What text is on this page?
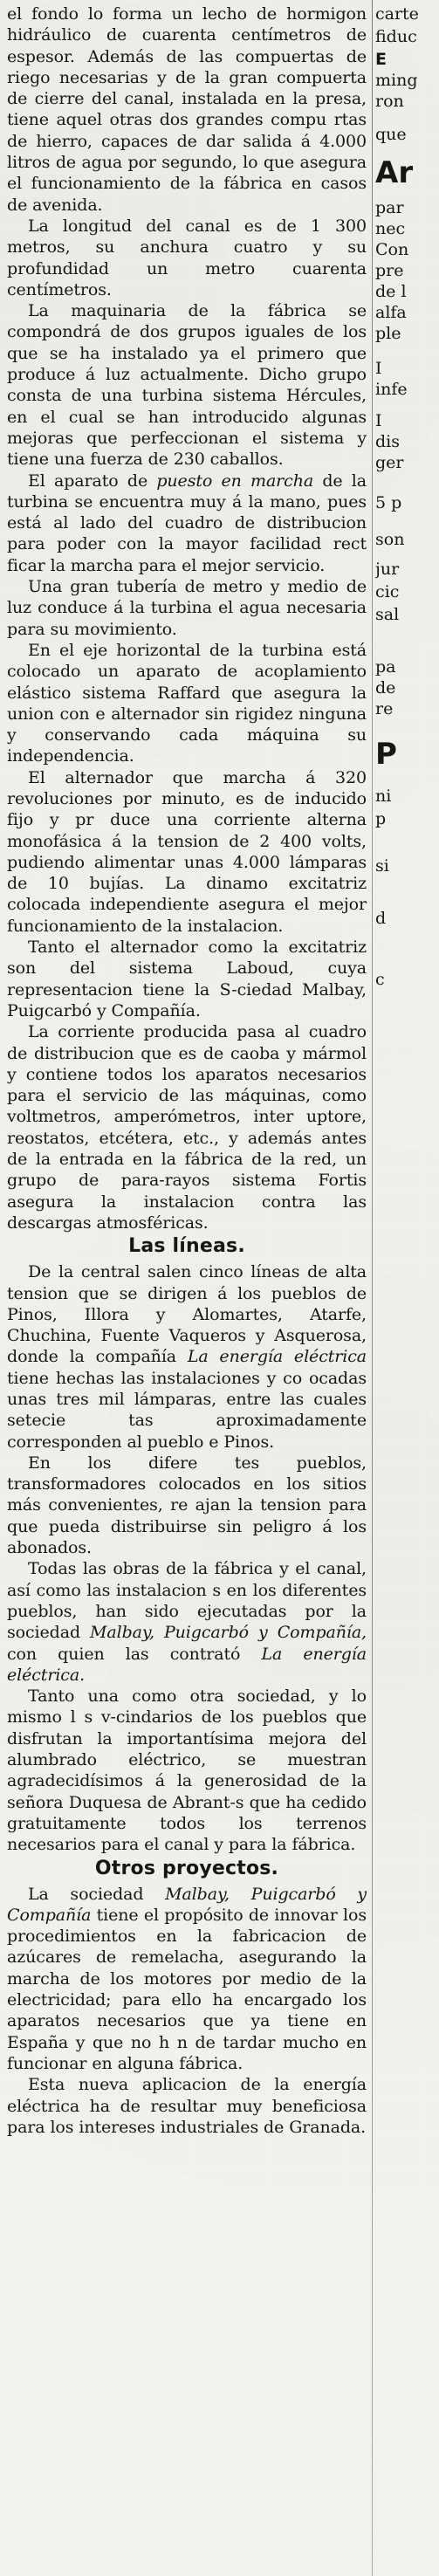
el fondo lo forma un lecho de hormigon hidráulico de cuarenta centímetros de espesor. Además de las compuertas de riego necesarias y de la gran compuerta de cierre del canal, instalada en la presa, tiene aquel otras dos grandes compu rtas de hierro, capaces de dar salida á 4.000 litros de agua por segundo, lo que asegura el funcionamiento de la fábrica en casos de avenida.

La longitud del canal es de 1 300 metros, su anchura cuatro y su profundidad un metro cuarenta centímetros.

La maquinaria de la fábrica se compondrá de dos grupos iguales de los que se ha instalado ya el primero que produce á luz actualmente. Dicho grupo consta de una turbina sistema Hércules, en el cual se han introducido algunas mejoras que perfeccionan el sistema y tiene una fuerza de 230 caballos.

El aparato de puesto en marcha de la turbina se encuentra muy á la mano, pues está al lado del cuadro de distribucion para poder con la mayor facilidad rect ficar la marcha para el mejor servicio.

Una gran tubería de metro y medio de luz conduce á la turbina el agua necesaria para su movimiento.

En el eje horizontal de la turbina está colocado un aparato de acoplamiento elástico sistema Raffard que asegura la union con e alternador sin rigidez ninguna y conservando cada máquina su independencia.

El alternador que marcha á 320 revoluciones por minuto, es de inducido fijo y pr duce una corriente alterna monofásica á la tension de 2 400 volts, pudiendo alimentar unas 4.000 lámparas de 10 bujías. La dinamo excitatriz colocada independiente asegura el mejor funcionamiento de la instalacion.

Tanto el alternador como la excitatriz son del sistema Laboud, cuya representacion tiene la S-ciedad Malbay, Puigcarbó y Compañía.

La corriente producida pasa al cuadro de distribucion que es de caoba y mármol y contiene todos los aparatos necesarios para el servicio de las máquinas, como voltmetros, amperómetros, inter uptore, reostatos, etcétera, etc., y además antes de la entrada en la fábrica de la red, un grupo de para-rayos sistema Fortis asegura la instalacion contra las descargas atmosféricas.

Las líneas.

De la central salen cinco líneas de alta tension que se dirigen á los pueblos de Pinos, Illora y Alomartes, Atarfe, Chuchina, Fuente Vaqueros y Asquerosa, donde la compañía La energía eléctrica tiene hechas las instalaciones y co ocadas unas tres mil lámparas, entre las cuales setecie tas aproximadamente corresponden al pueblo e Pinos.

En los difere tes pueblos, transformadores colocados en los sitios más convenientes, re ajan la tension para que pueda distribuirse sin peligro á los abonados.

Todas las obras de la fábrica y el canal, así como las instalacion s en los diferentes pueblos, han sido ejecutadas por la sociedad Malbay, Puigcarbó y Compañía, con quien las contrató La energía eléctrica.

Tanto una como otra sociedad, y lo mismo l s v-cindarios de los pueblos que disfrutan la importantísima mejora del alumbrado eléctrico, se muestran agradecidísimos á la generosidad de la señora Duquesa de Abrant-s que ha cedido gratuitamente todos los terrenos necesarios para el canal y para la fábrica.

Otros proyectos.

La sociedad Malbay, Puigcarbó y Compañía tiene el propósito de innovar los procedimientos en la fabricacion de azúcares de remelacha, asegurando la marcha de los motores por medio de la electricidad; para ello ha encargado los aparatos necesarios que ya tiene en España y que no h n de tardar mucho en funcionar en alguna fábrica.

Esta nueva aplicacion de la energía eléctrica ha de resultar muy beneficiosa para los intereses industriales de Granada.

carte
fiduc
E
ming
ron
que
Ar
par
nec
Con
pre
de l
alfa
ple
I
infe
I
dis
ger
5 p
son
jur
cic
sal
pa
de
re
P
ni
p
si
d
c
